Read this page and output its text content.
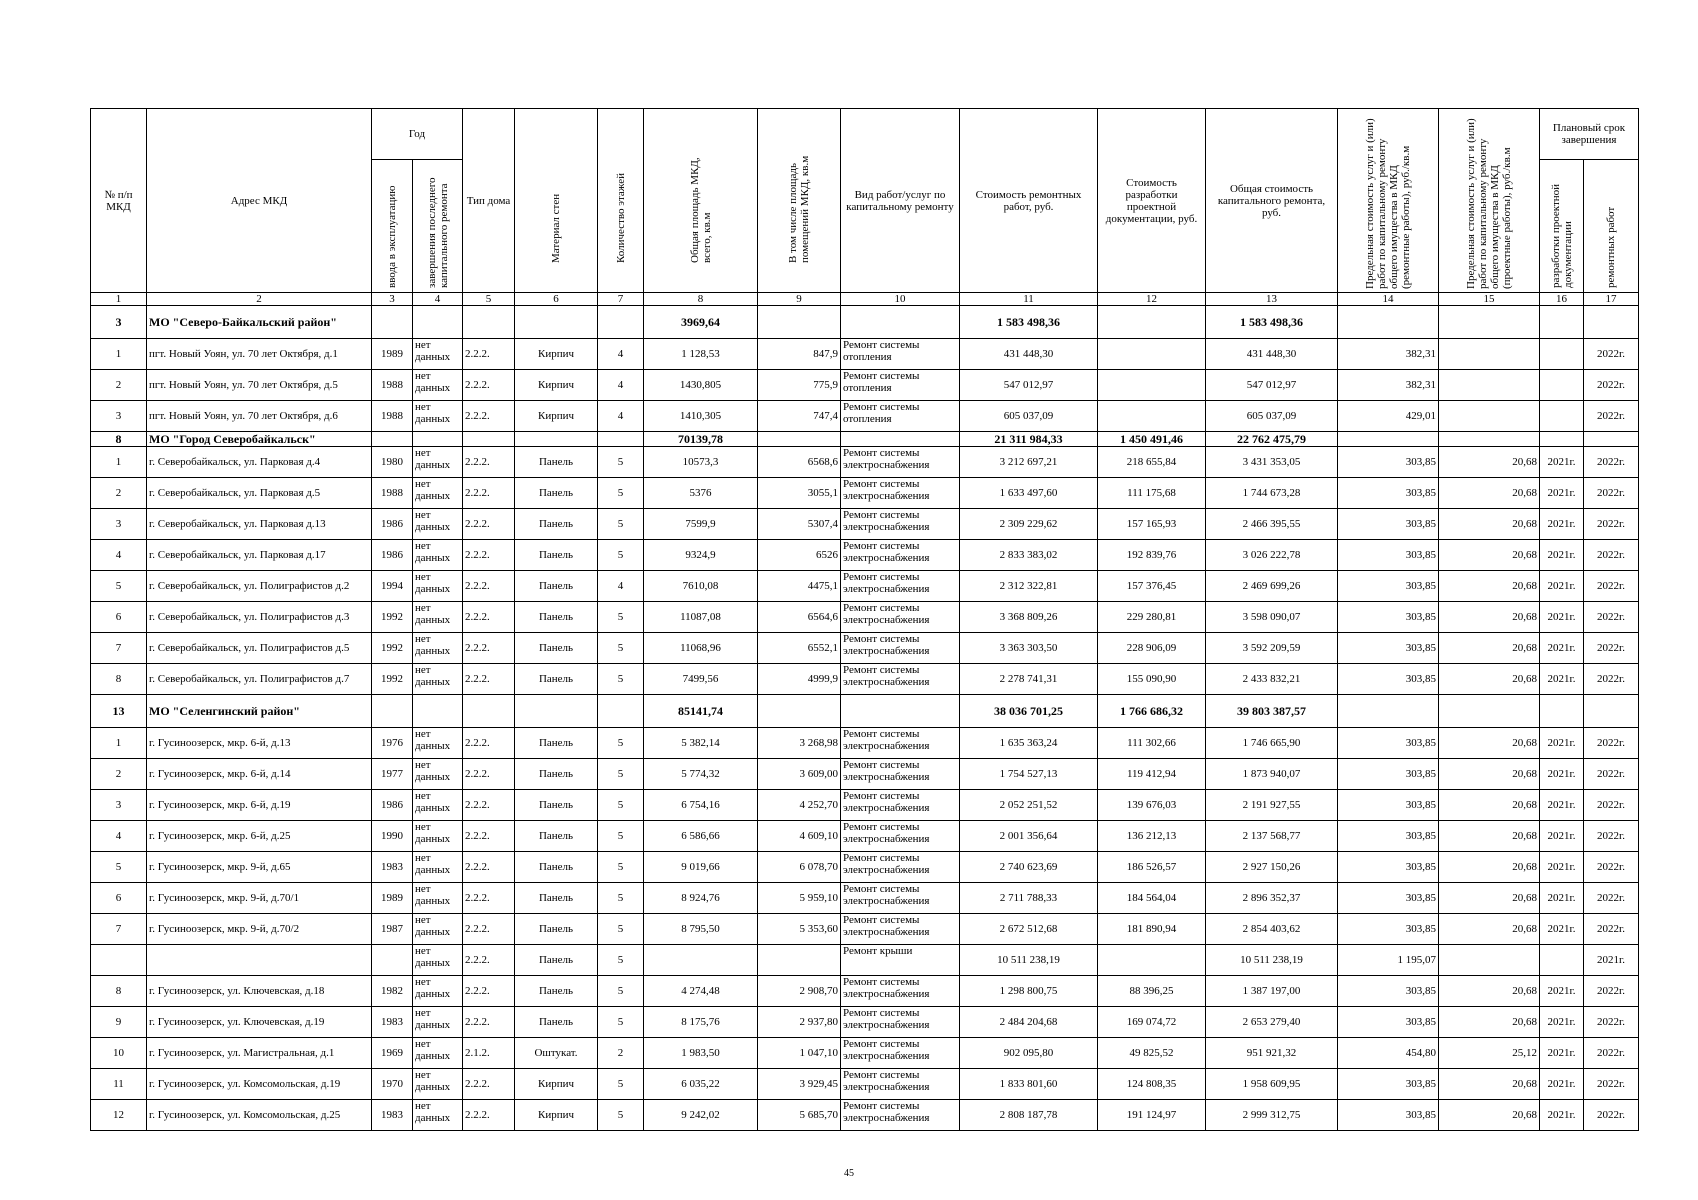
№ п/п МКД	Адрес МКД	Год		Тип дома	Материал стен	Количество этажей	Общая площадь МКД, всего, кв.м	В том числе площадь помещений МКД, кв.м	Вид работ/услуг по капитальному ремонту	Стоимость ремонтных работ, руб.	Стоимость разработки проектной документации, руб.	Общая стоимость капитального ремонта, руб.	Предельная стоимость услуг и (или) работ по капитальному ремонту общего имущества в МКД (ремонтные работы), руб./кв.м	Предельная стоимость услуг и (или) работ по капитальному ремонту общего имущества в МКД (проектные работы), руб./кв.м	Плановый срок завершения	

		ввода в эксплуатацию	завершения последнего капитального ремонта												разработки проектной документации	ремонтных работ

1	2	3	4	5	6	7	8	9	10	11	12	13	14	15	16	17
3	МО "Северо-Байкальский район"						3969,64			1 583 498,36		1 583 498,36				
1	пгт. Новый Уоян, ул. 70 лет Октября, д.1	1989	нет данных	2.2.2.	Кирпич	4	1 128,53	847,9	Ремонт системы отопления	431 448,30		431 448,30	382,31			2022г.
2	пгт. Новый Уоян, ул. 70 лет Октября, д.5	1988	нет данных	2.2.2.	Кирпич	4	1430,805	775,9	Ремонт системы отопления	547 012,97		547 012,97	382,31			2022г.
3	пгт. Новый Уоян, ул. 70 лет Октября, д.6	1988	нет данных	2.2.2.	Кирпич	4	1410,305	747,4	Ремонт системы отопления	605 037,09		605 037,09	429,01			2022г.
8	МО "Город Северобайкальск"						70139,78			21 311 984,33	1 450 491,46	22 762 475,79				
1	г. Северобайкальск, ул. Парковая д.4	1980	нет данных	2.2.2.	Панель	5	10573,3	6568,6	Ремонт системы электроснабжения	3 212 697,21	218 655,84	3 431 353,05	303,85	20,68	2021г.	2022г.
2	г. Северобайкальск, ул. Парковая д.5	1988	нет данных	2.2.2.	Панель	5	5376	3055,1	Ремонт системы электроснабжения	1 633 497,60	111 175,68	1 744 673,28	303,85	20,68	2021г.	2022г.
3	г. Северобайкальск, ул. Парковая д.13	1986	нет данных	2.2.2.	Панель	5	7599,9	5307,4	Ремонт системы электроснабжения	2 309 229,62	157 165,93	2 466 395,55	303,85	20,68	2021г.	2022г.
4	г. Северобайкальск, ул. Парковая д.17	1986	нет данных	2.2.2.	Панель	5	9324,9	6526	Ремонт системы электроснабжения	2 833 383,02	192 839,76	3 026 222,78	303,85	20,68	2021г.	2022г.
5	г. Северобайкальск, ул. Полиграфистов д.2	1994	нет данных	2.2.2.	Панель	4	7610,08	4475,1	Ремонт системы электроснабжения	2 312 322,81	157 376,45	2 469 699,26	303,85	20,68	2021г.	2022г.
6	г. Северобайкальск, ул. Полиграфистов д.3	1992	нет данных	2.2.2.	Панель	5	11087,08	6564,6	Ремонт системы электроснабжения	3 368 809,26	229 280,81	3 598 090,07	303,85	20,68	2021г.	2022г.
7	г. Северобайкальск, ул. Полиграфистов д.5	1992	нет данных	2.2.2.	Панель	5	11068,96	6552,1	Ремонт системы электроснабжения	3 363 303,50	228 906,09	3 592 209,59	303,85	20,68	2021г.	2022г.
8	г. Северобайкальск, ул. Полиграфистов д.7	1992	нет данных	2.2.2.	Панель	5	7499,56	4999,9	Ремонт системы электроснабжения	2 278 741,31	155 090,90	2 433 832,21	303,85	20,68	2021г.	2022г.
13	МО "Селенгинский район"						85141,74			38 036 701,25	1 766 686,32	39 803 387,57				
1	г. Гусиноозерск, мкр. 6-й, д.13	1976	нет данных	2.2.2.	Панель	5	5 382,14	3 268,98	Ремонт системы электроснабжения	1 635 363,24	111 302,66	1 746 665,90	303,85	20,68	2021г.	2022г.
2	г. Гусиноозерск, мкр. 6-й, д.14	1977	нет данных	2.2.2.	Панель	5	5 774,32	3 609,00	Ремонт системы электроснабжения	1 754 527,13	119 412,94	1 873 940,07	303,85	20,68	2021г.	2022г.
3	г. Гусиноозерск, мкр. 6-й, д.19	1986	нет данных	2.2.2.	Панель	5	6 754,16	4 252,70	Ремонт системы электроснабжения	2 052 251,52	139 676,03	2 191 927,55	303,85	20,68	2021г.	2022г.
4	г. Гусиноозерск, мкр. 6-й, д.25	1990	нет данных	2.2.2.	Панель	5	6 586,66	4 609,10	Ремонт системы электроснабжения	2 001 356,64	136 212,13	2 137 568,77	303,85	20,68	2021г.	2022г.
5	г. Гусиноозерск, мкр. 9-й, д.65	1983	нет данных	2.2.2.	Панель	5	9 019,66	6 078,70	Ремонт системы электроснабжения	2 740 623,69	186 526,57	2 927 150,26	303,85	20,68	2021г.	2022г.
6	г. Гусиноозерск, мкр. 9-й, д.70/1	1989	нет данных	2.2.2.	Панель	5	8 924,76	5 959,10	Ремонт системы электроснабжения	2 711 788,33	184 564,04	2 896 352,37	303,85	20,68	2021г.	2022г.
7	г. Гусиноозерск, мкр. 9-й, д.70/2	1987	нет данных	2.2.2.	Панель	5	8 795,50	5 353,60	Ремонт системы электроснабжения	2 672 512,68	181 890,94	2 854 403,62	303,85	20,68	2021г.	2022г.
			нет данных	2.2.2.	Панель	5			Ремонт крыши	10 511 238,19		10 511 238,19	1 195,07			2021г.
8	г. Гусиноозерск, ул. Ключевская, д.18	1982	нет данных	2.2.2.	Панель	5	4 274,48	2 908,70	Ремонт системы электроснабжения	1 298 800,75	88 396,25	1 387 197,00	303,85	20,68	2021г.	2022г.
9	г. Гусиноозерск, ул. Ключевская, д.19	1983	нет данных	2.2.2.	Панель	5	8 175,76	2 937,80	Ремонт системы электроснабжения	2 484 204,68	169 074,72	2 653 279,40	303,85	20,68	2021г.	2022г.
10	г. Гусиноозерск, ул. Магистральная, д.1	1969	нет данных	2.1.2.	Оштукат.	2	1 983,50	1 047,10	Ремонт системы электроснабжения	902 095,80	49 825,52	951 921,32	454,80	25,12	2021г.	2022г.
11	г. Гусиноозерск, ул. Комсомольская, д.19	1970	нет данных	2.2.2.	Кирпич	5	6 035,22	3 929,45	Ремонт системы электроснабжения	1 833 801,60	124 808,35	1 958 609,95	303,85	20,68	2021г.	2022г.
12	г. Гусиноозерск, ул. Комсомольская, д.25	1983	нет данных	2.2.2.	Кирпич	5	9 242,02	5 685,70	Ремонт системы электроснабжения	2 808 187,78	191 124,97	2 999 312,75	303,85	20,68	2021г.	2022г.
45
